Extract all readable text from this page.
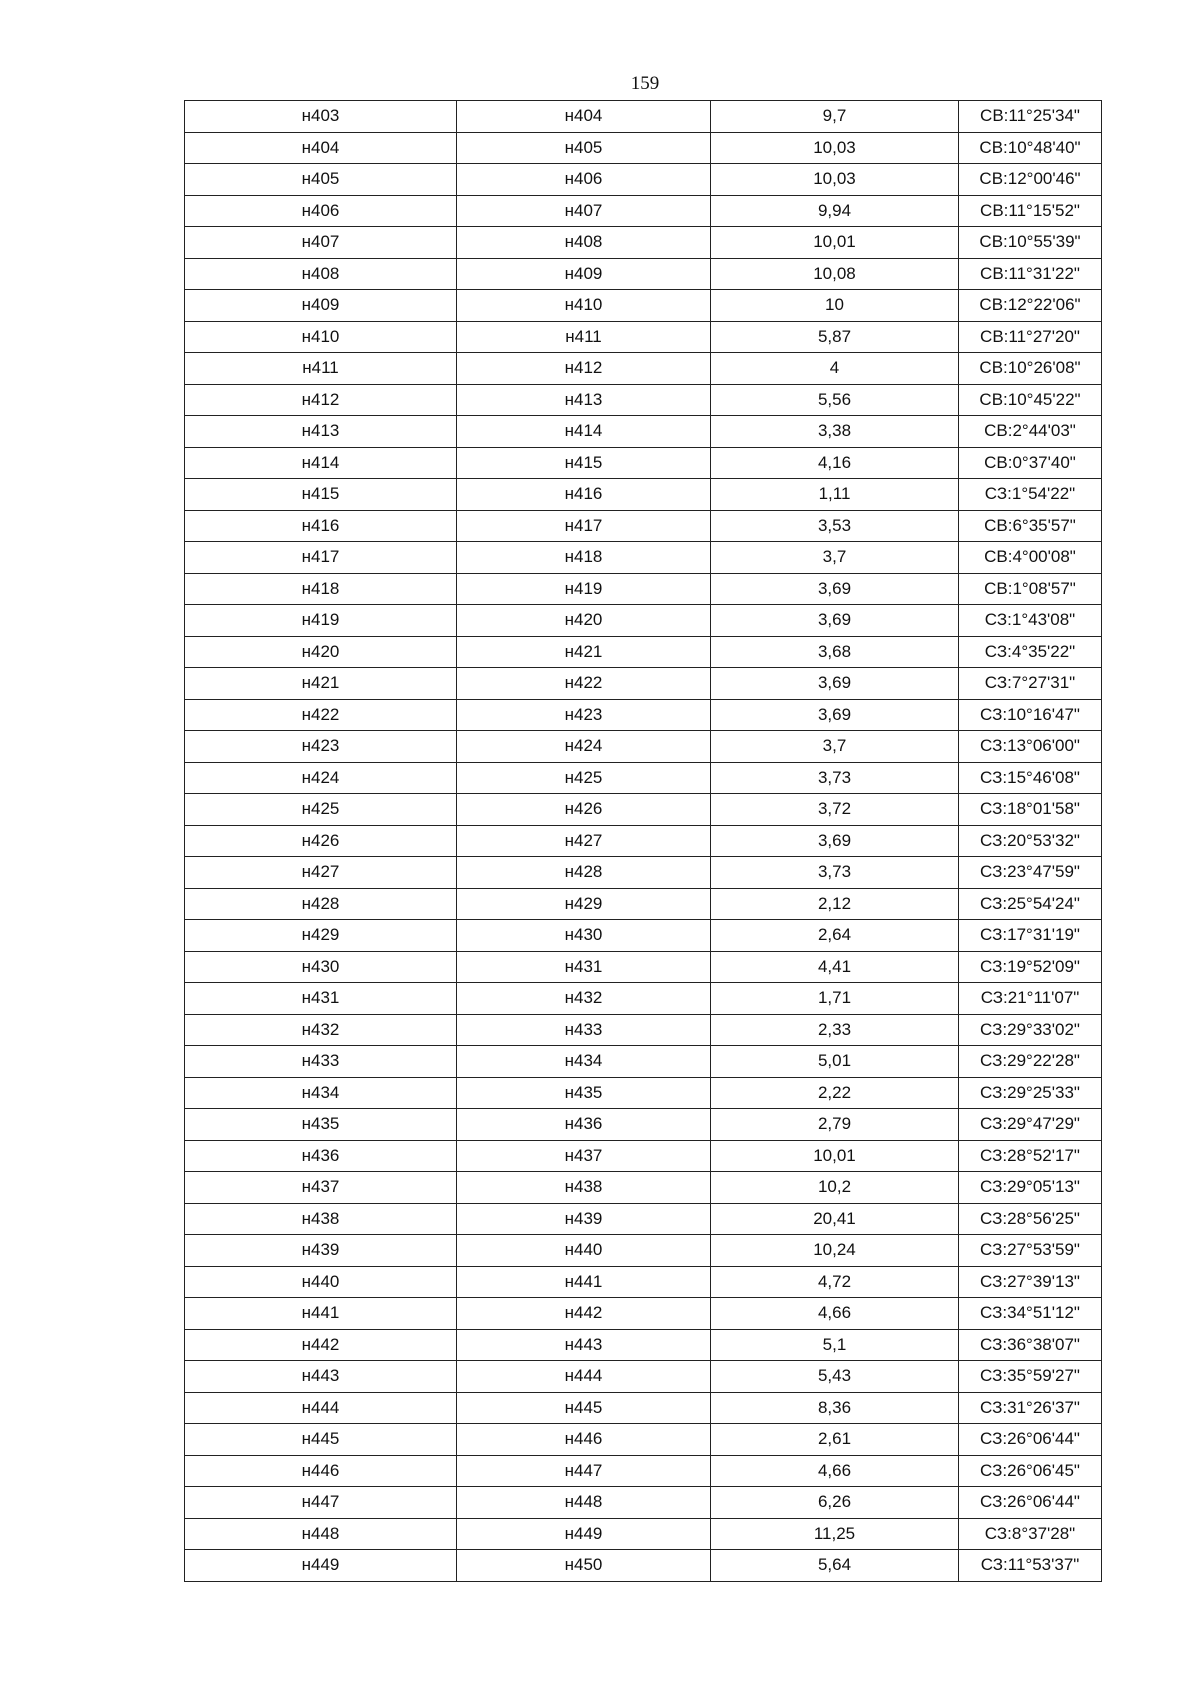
159
н403	н404	9,7	СВ:11°25'34"
н404	н405	10,03	СВ:10°48'40"
н405	н406	10,03	СВ:12°00'46"
н406	н407	9,94	СВ:11°15'52"
н407	н408	10,01	СВ:10°55'39"
н408	н409	10,08	СВ:11°31'22"
н409	н410	10	СВ:12°22'06"
н410	н411	5,87	СВ:11°27'20"
н411	н412	4	СВ:10°26'08"
н412	н413	5,56	СВ:10°45'22"
н413	н414	3,38	СВ:2°44'03"
н414	н415	4,16	СВ:0°37'40"
н415	н416	1,11	СЗ:1°54'22"
н416	н417	3,53	СВ:6°35'57"
н417	н418	3,7	СВ:4°00'08"
н418	н419	3,69	СВ:1°08'57"
н419	н420	3,69	СЗ:1°43'08"
н420	н421	3,68	СЗ:4°35'22"
н421	н422	3,69	СЗ:7°27'31"
н422	н423	3,69	СЗ:10°16'47"
н423	н424	3,7	СЗ:13°06'00"
н424	н425	3,73	СЗ:15°46'08"
н425	н426	3,72	СЗ:18°01'58"
н426	н427	3,69	СЗ:20°53'32"
н427	н428	3,73	СЗ:23°47'59"
н428	н429	2,12	СЗ:25°54'24"
н429	н430	2,64	СЗ:17°31'19"
н430	н431	4,41	СЗ:19°52'09"
н431	н432	1,71	СЗ:21°11'07"
н432	н433	2,33	СЗ:29°33'02"
н433	н434	5,01	СЗ:29°22'28"
н434	н435	2,22	СЗ:29°25'33"
н435	н436	2,79	СЗ:29°47'29"
н436	н437	10,01	СЗ:28°52'17"
н437	н438	10,2	СЗ:29°05'13"
н438	н439	20,41	СЗ:28°56'25"
н439	н440	10,24	СЗ:27°53'59"
н440	н441	4,72	СЗ:27°39'13"
н441	н442	4,66	СЗ:34°51'12"
н442	н443	5,1	СЗ:36°38'07"
н443	н444	5,43	СЗ:35°59'27"
н444	н445	8,36	СЗ:31°26'37"
н445	н446	2,61	СЗ:26°06'44"
н446	н447	4,66	СЗ:26°06'45"
н447	н448	6,26	СЗ:26°06'44"
н448	н449	11,25	СЗ:8°37'28"
н449	н450	5,64	СЗ:11°53'37"
